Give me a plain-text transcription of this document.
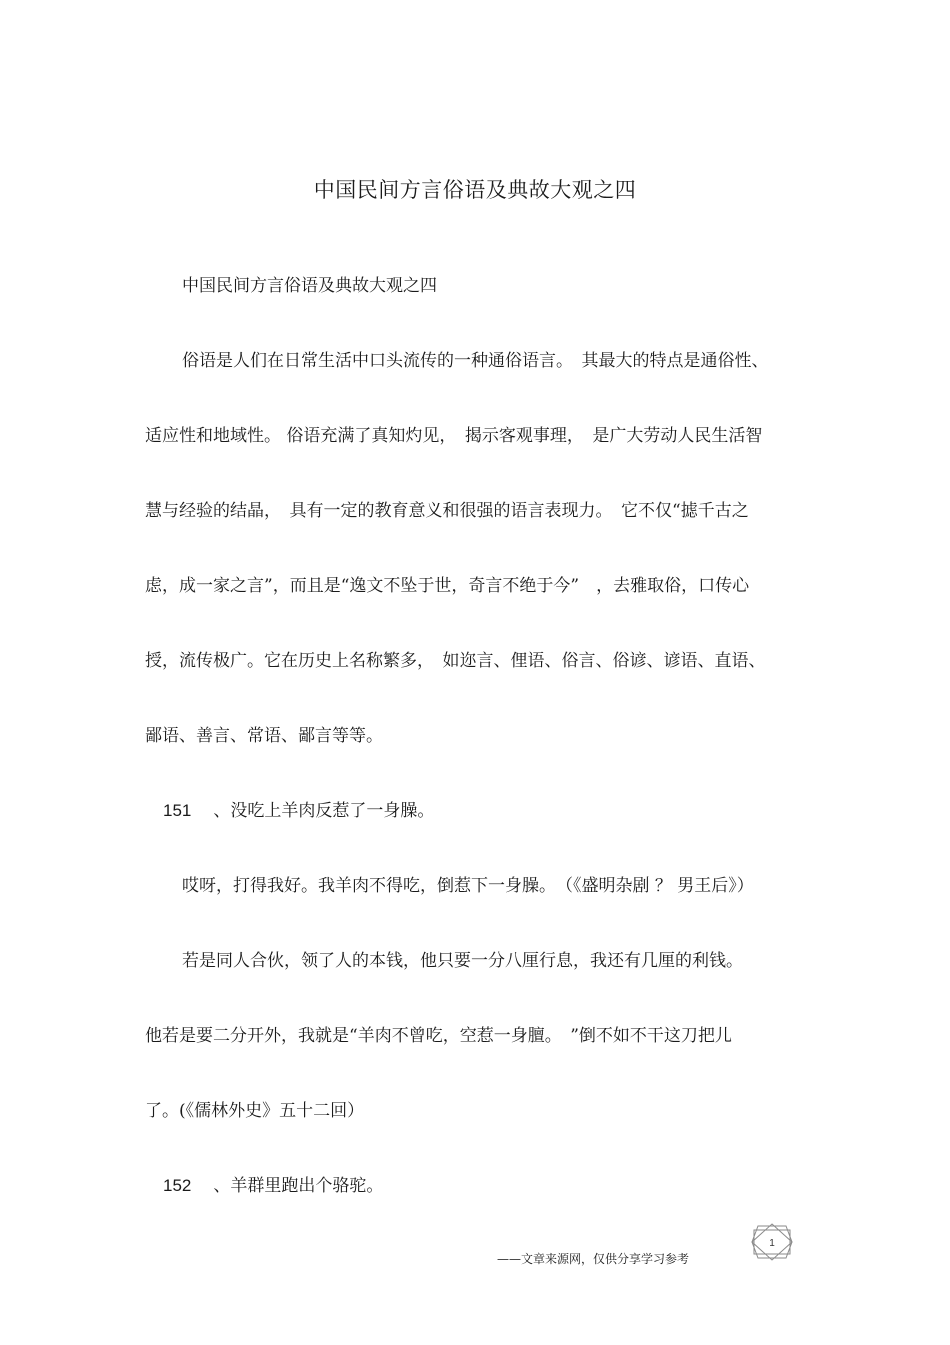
中国民间方言俗语及典故大观之四
中国民间方言俗语及典故大观之四
俗语是人们在日常生活中口头流传的一种通俗语言。　其最大的特点是通俗性、
适应性和地域性。 俗语充满了真知灼见，　揭示客观事理，　是广大劳动人民生活智
慧与经验的结晶，　具有一定的教育意义和很强的语言表现力。　它不仅“摅千古之
虑，成一家之言”，而且是“逸文不坠于世，奇言不绝于今”　，去雅取俗，口传心
授，流传极广。它在历史上名称繁多，　如迩言、俚语、俗言、俗谚、谚语、直语、
鄙语、善言、常语、鄙言等等。
151 、没吃上羊肉反惹了一身臊。
哎呀，打得我好。我羊肉不得吃，倒惹下一身臊。　（《盛明杂剧 ？ 男王后》）
若是同人合伙，领了人的本钱，他只要一分八厘行息，我还有几厘的利钱。
他若是要二分开外，我就是“羊肉不曾吃，空惹一身膻。　”倒不如不干这刀把儿
了。(《儒林外史》五十二回）
152 、羊群里跑出个骆驼。
1
——文章来源网，仅供分享学习参考
